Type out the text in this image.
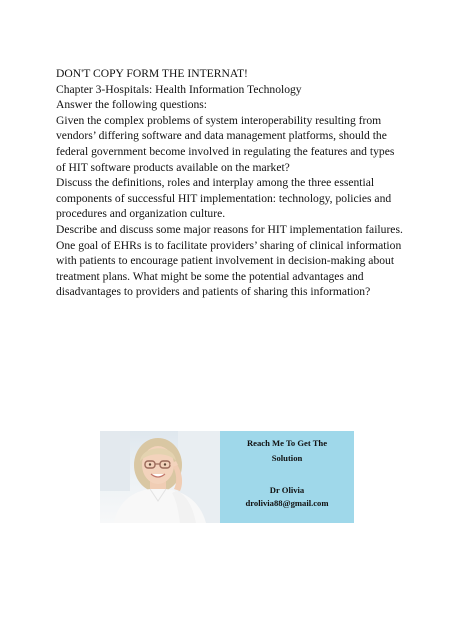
DON'T COPY FORM THE INTERNAT!

Chapter 3-Hospitals: Health Information Technology

Answer the following questions:

Given the complex problems of system interoperability resulting from vendors’ differing software and data management platforms, should the federal government become involved in regulating the features and types of HIT software products available on the market?

Discuss the definitions, roles and interplay among the three essential components of successful HIT implementation: technology, policies and procedures and organization culture.

Describe and discuss some major reasons for HIT implementation failures.

One goal of EHRs is to facilitate providers’ sharing of clinical information with patients to encourage patient involvement in decision-making about treatment plans. What might be some the potential advantages and disadvantages to providers and patients of sharing this information?

Reach Me To Get The
Solution
Dr Olivia
drolivia88@gmail.com
